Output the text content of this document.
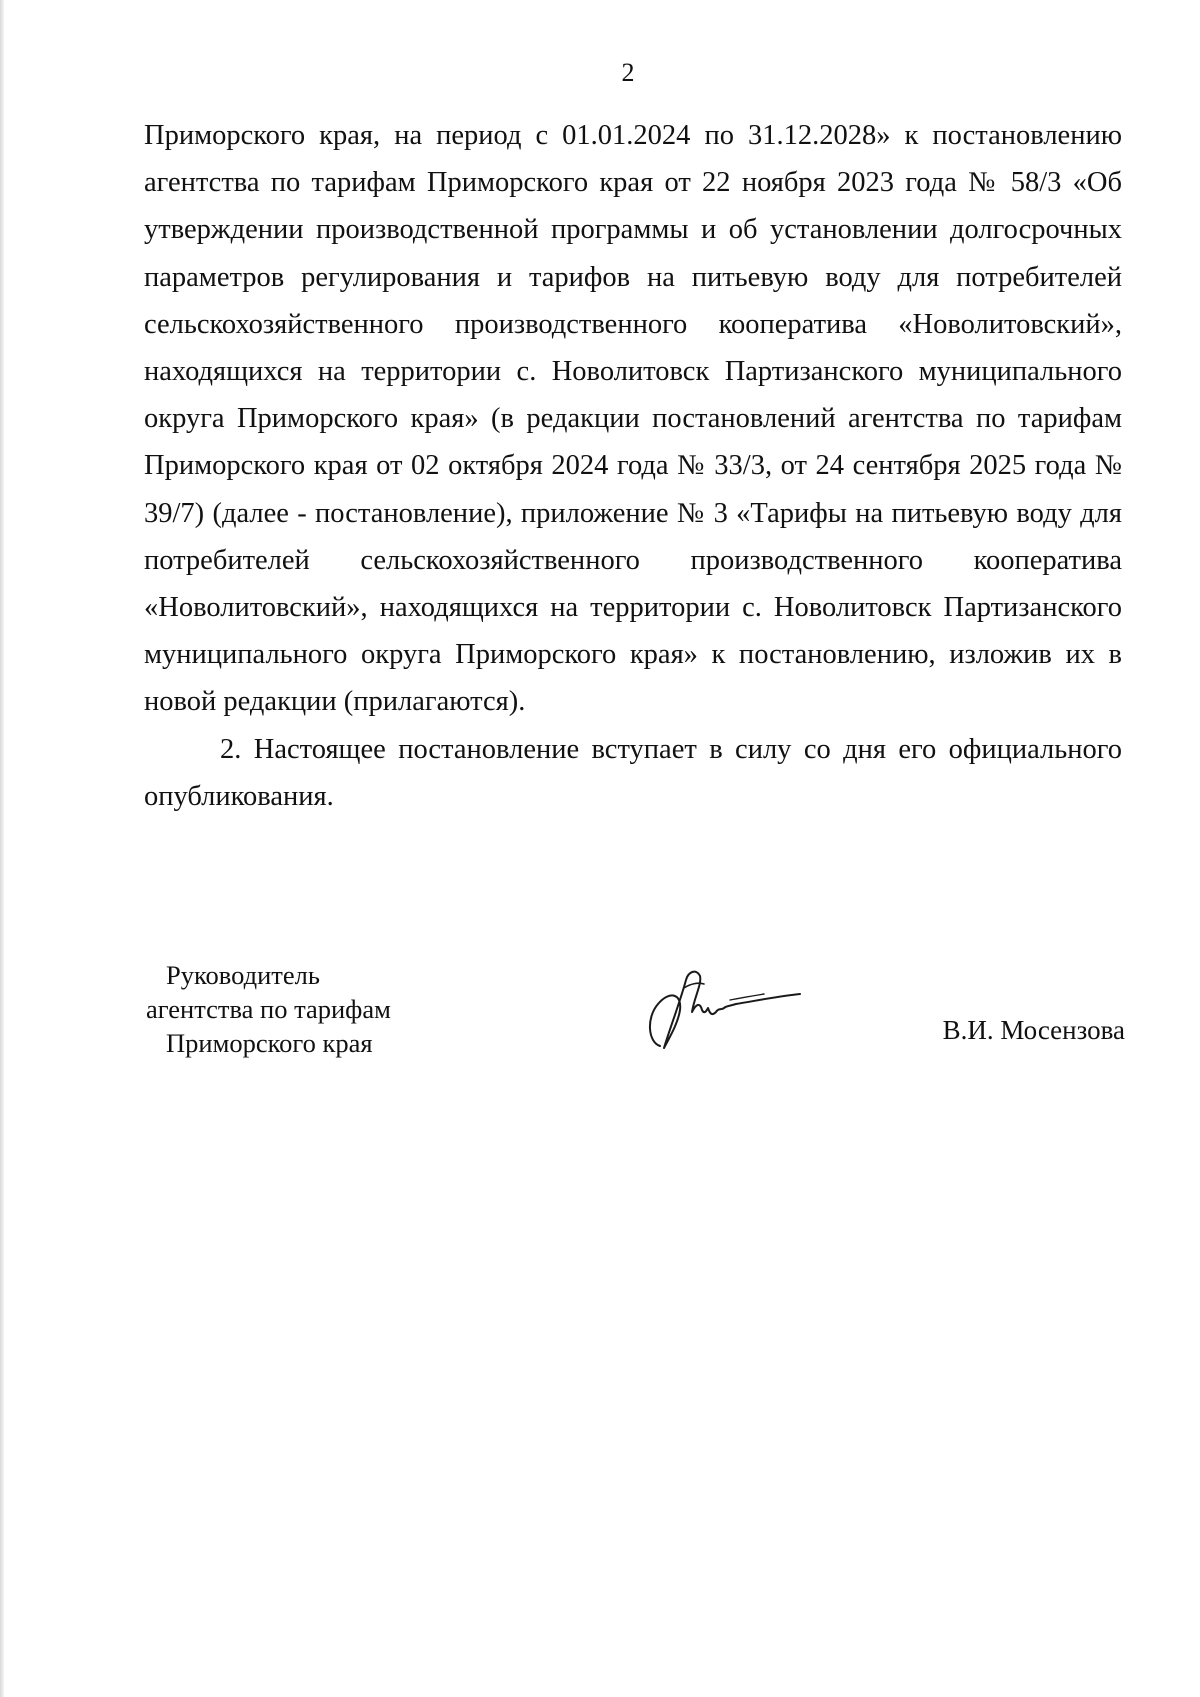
2

Приморского края, на период с 01.01.2024 по 31.12.2028» к постановлению агентства по тарифам Приморского края от 22 ноября 2023 года № 58/3 «Об утверждении производственной программы и об установлении долгосрочных параметров регулирования и тарифов на питьевую воду для потребителей сельскохозяйственного производственного кооператива «Новолитовский», находящихся на территории с. Новолитовск Партизанского муниципального округа Приморского края» (в редакции постановлений агентства по тарифам Приморского края от 02 октября 2024 года № 33/3, от 24 сентября 2025 года № 39/7) (далее - постановление), приложение № 3 «Тарифы на питьевую воду для потребителей сельскохозяйственного производственного кооператива «Новолитовский», находящихся на территории с. Новолитовск Партизанского муниципального округа Приморского края» к постановлению, изложив их в новой редакции (прилагаются).

2. Настоящее постановление вступает в силу со дня его официального опубликования.

Руководитель
агентства по тарифам
Приморского края	В.И. Мосензова
